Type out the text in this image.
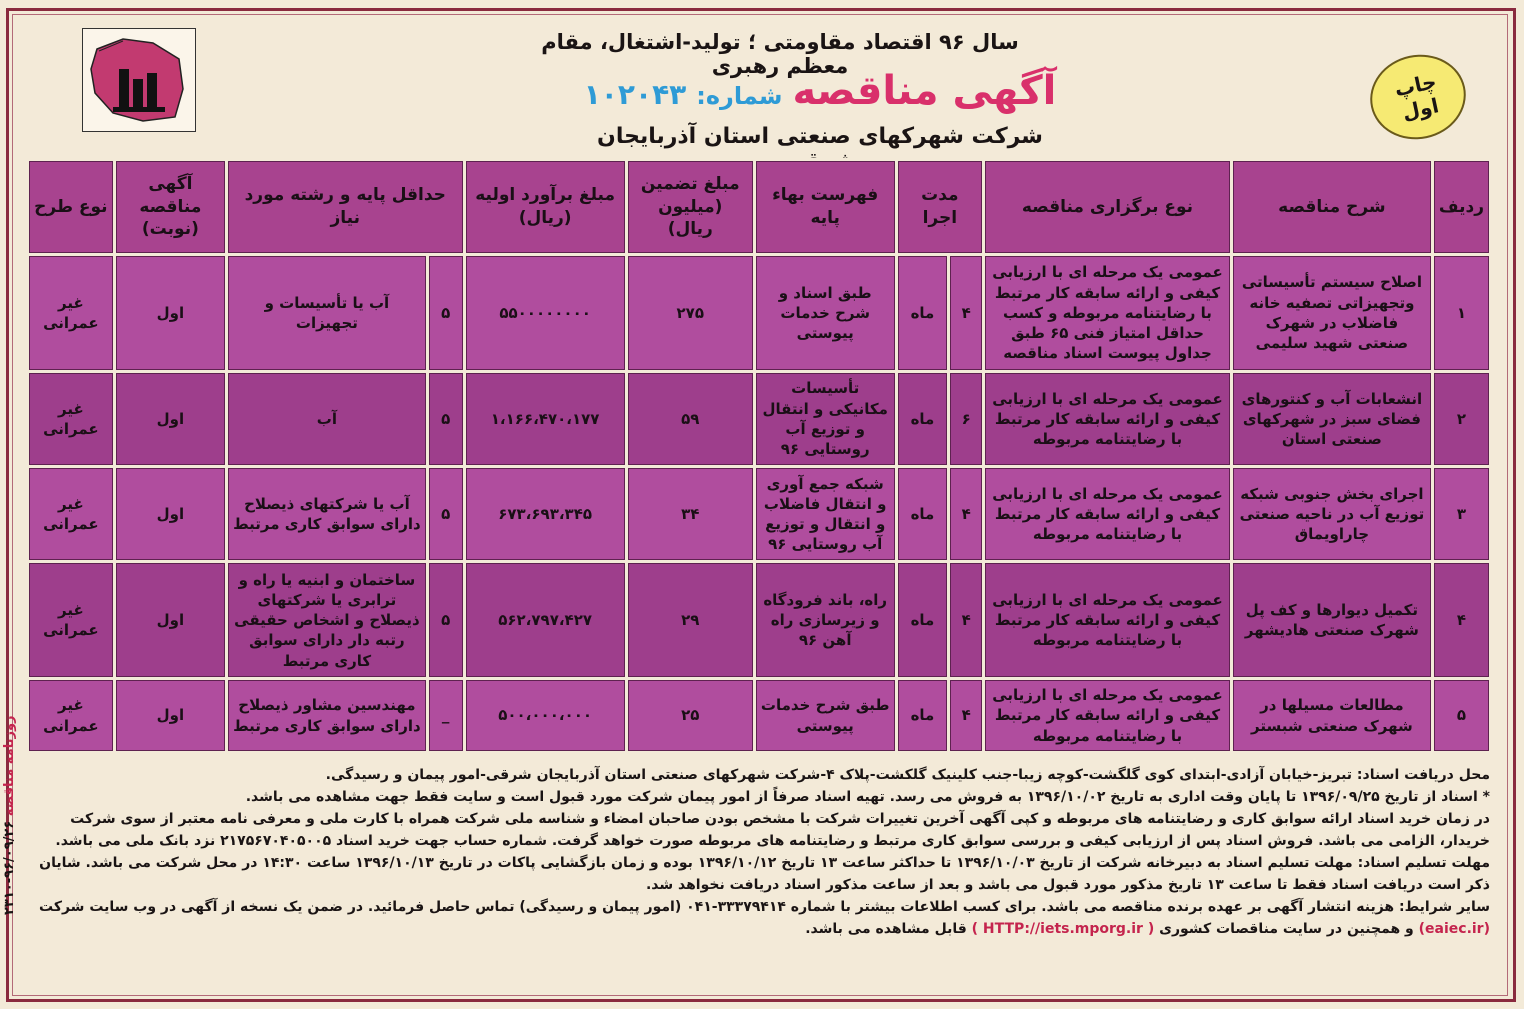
سال ۹۶ اقتصاد مقاومتی ؛ تولید-اشتغال، مقام معظم رهبری
آگهی مناقصه
شماره:
۱۰۲۰۴۳
شرکت شهرکهای صنعتی استان آذربایجان
چاپ
اول
ردیف	شرح مناقصه	نوع برگزاری مناقصه	مدت اجرا		فهرست بهاء پایه	مبلغ تضمین (میلیون ریال)	مبلغ برآورد اولیه (ریال)	حداقل پایه و رشته مورد نیاز		آگهی مناقصه (نوبت)	نوع طرح
۱	اصلاح سیستم تأسیساتی وتجهیزاتی تصفیه خانه فاضلاب در شهرک صنعتی شهید سلیمی	عمومی یک مرحله ای با ارزیابی کیفی و ارائه سابقه کار مرتبط با رضایتنامه مربوطه و کسب حداقل امتیاز فنی ۶۵ طبق جداول پیوست اسناد مناقصه	۴	ماه	طبق اسناد و شرح خدمات پیوستی	۲۷۵	۵۵۰۰۰۰۰۰۰۰	۵	آب یا تأسیسات و تجهیزات	اول	غیر عمرانی
۲	انشعابات آب و کنتورهای فضای سبز در شهرکهای صنعتی استان	عمومی یک مرحله ای با ارزیابی کیفی و ارائه سابقه کار مرتبط با رضایتنامه مربوطه	۶	ماه	تأسیسات مکانیکی و انتقال و توزیع آب روستایی ۹۶	۵۹	۱،۱۶۶،۴۷۰،۱۷۷	۵	آب	اول	غیر عمرانی
۳	اجرای بخش جنوبی شبکه توزیع آب در ناحیه صنعتی چاراویماق	عمومی یک مرحله ای با ارزیابی کیفی و ارائه سابقه کار مرتبط با رضایتنامه مربوطه	۴	ماه	شبکه جمع آوری و انتقال فاضلاب و انتقال و توزیع آب روستایی ۹۶	۳۴	۶۷۳،۶۹۳،۳۴۵	۵	آب یا شرکتهای ذیصلاح دارای سوابق کاری مرتبط	اول	غیر عمرانی
۴	تکمیل دیوارها و کف پل شهرک صنعتی هادیشهر	عمومی یک مرحله ای با ارزیابی کیفی و ارائه سابقه کار مرتبط با رضایتنامه مربوطه	۴	ماه	راه، باند فرودگاه و زیرسازی راه آهن ۹۶	۲۹	۵۶۲،۷۹۷،۴۲۷	۵	ساختمان و ابنیه یا راه و ترابری یا شرکتهای ذیصلاح و اشخاص حقیقی رتبه دار دارای سوابق کاری مرتبط	اول	غیر عمرانی
۵	مطالعات مسیلها در شهرک صنعتی شبستر	عمومی یک مرحله ای با ارزیابی کیفی و ارائه سابقه کار مرتبط با رضایتنامه مربوطه	۴	ماه	طبق شرح خدمات پیوستی	۲۵	۵۰۰،۰۰۰،۰۰۰	_	مهندسین مشاور ذیصلاح دارای سوابق کاری مرتبط	اول	غیر عمرانی
محل دریافت اسناد: تبریز-خیابان آزادی-ابتدای کوی گلگشت-کوچه زیبا-جنب کلینیک گلکشت-پلاک ۴-شرکت شهرکهای صنعتی استان آذربایجان شرقی-امور پیمان و رسیدگی.
* اسناد از تاریخ ۱۳۹۶/۰۹/۲۵ تا پایان وقت اداری به تاریخ ۱۳۹۶/۱۰/۰۲ به فروش می رسد. تهیه اسناد صرفاً از امور پیمان شرکت مورد قبول است و سایت فقط جهت مشاهده می باشد.
در زمان خرید اسناد ارائه سوابق کاری و رضایتنامه های مربوطه و کپی آگهی آخرین تغییرات شرکت با مشخص بودن صاحبان امضاء و شناسه ملی شرکت همراه با کارت ملی و معرفی نامه معتبر از سوی شرکت خریدار، الزامی می باشد. فروش اسناد پس از ارزیابی کیفی و بررسی سوابق کاری مرتبط و رضایتنامه های مربوطه صورت خواهد گرفت. شماره حساب جهت خرید اسناد ۲۱۷۵۶۷۰۴۰۵۰۰۵ نزد بانک ملی می باشد.
مهلت تسلیم اسناد: مهلت تسلیم اسناد به دبیرخانه شرکت از تاریخ ۱۳۹۶/۱۰/۰۳ تا حداکثر ساعت ۱۳ تاریخ ۱۳۹۶/۱۰/۱۲ بوده و زمان بازگشایی پاکات در تاریخ ۱۳۹۶/۱۰/۱۳ ساعت ۱۴:۳۰ در محل شرکت می باشد. شایان ذکر است دریافت اسناد فقط تا ساعت ۱۳ تاریخ مذکور مورد قبول می باشد و بعد از ساعت مذکور اسناد دریافت نخواهد شد.
سایر شرایط: هزینه انتشار آگهی بر عهده برنده مناقصه می باشد. برای کسب اطلاعات بیشتر با شماره ۳۳۳۷۹۴۱۴-۰۴۱ (امور پیمان و رسیدگی) تماس حاصل فرمائید. در ضمن یک نسخه از آگهی در وب سایت شرکت (eaiec.ir) و همچنین در سایت مناقصات کشوری ( HTTP://iets.mporg.ir ) قابل مشاهده می باشد.
روزنامه مناقصه ۹۶/۰۹/۲۶-۲۳۱۰
